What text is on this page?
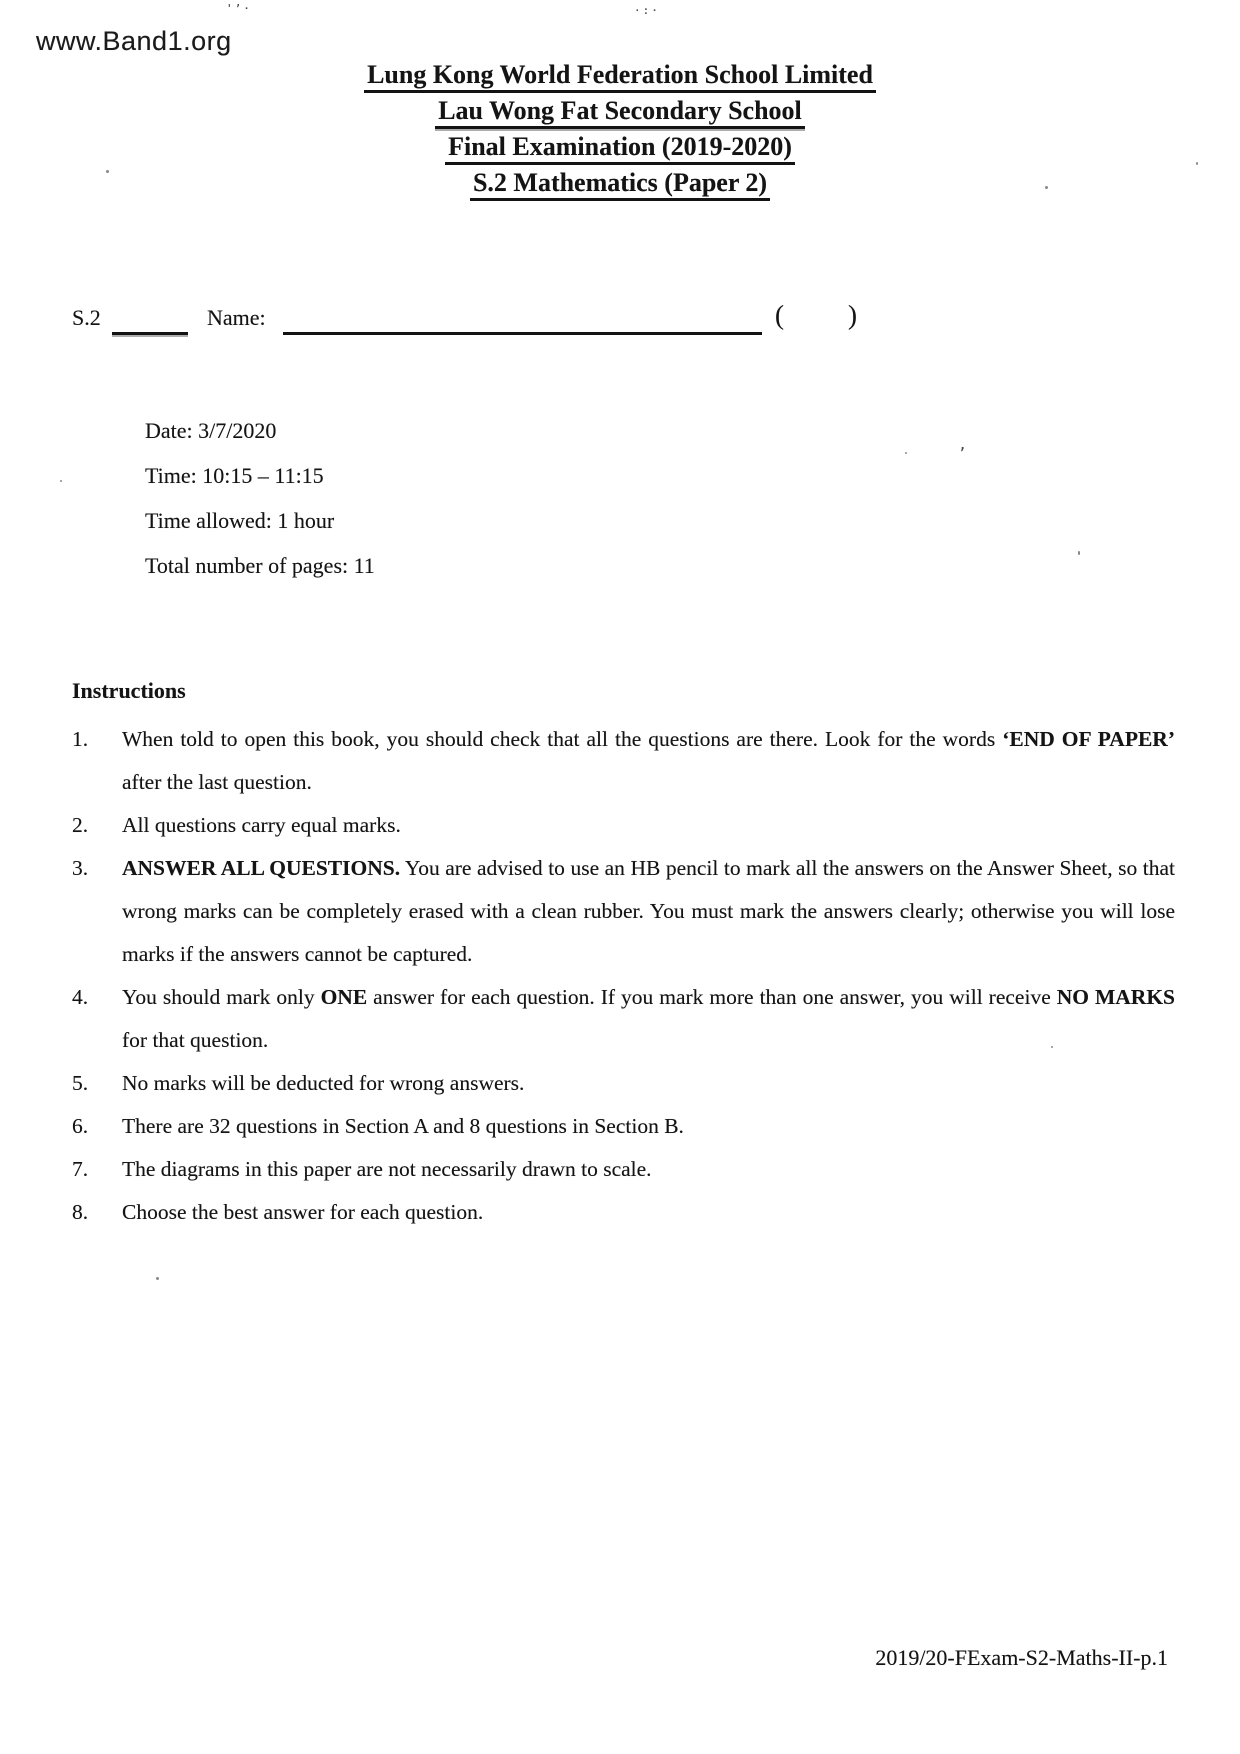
www.Band1.org
Lung Kong World Federation School Limited
Lau Wong Fat Secondary School
Final Examination (2019-2020)
S.2 Mathematics (Paper 2)
S.2	Name:	( )
Date: 3/7/2020
Time: 10:15 – 11:15
Time allowed: 1 hour
Total number of pages: 11
Instructions
1.	When told to open this book, you should check that all the questions are there. Look for the words ‘END OF PAPER’ after the last question.
2.	All questions carry equal marks.
3.	ANSWER ALL QUESTIONS. You are advised to use an HB pencil to mark all the answers on the Answer Sheet, so that wrong marks can be completely erased with a clean rubber. You must mark the answers clearly; otherwise you will lose marks if the answers cannot be captured.
4.	You should mark only ONE answer for each question. If you mark more than one answer, you will receive NO MARKS for that question.
5.	No marks will be deducted for wrong answers.
6.	There are 32 questions in Section A and 8 questions in Section B.
7.	The diagrams in this paper are not necessarily drawn to scale.
8.	Choose the best answer for each question.
2019/20-FExam-S2-Maths-II-p.1
'’·	·:·
’
